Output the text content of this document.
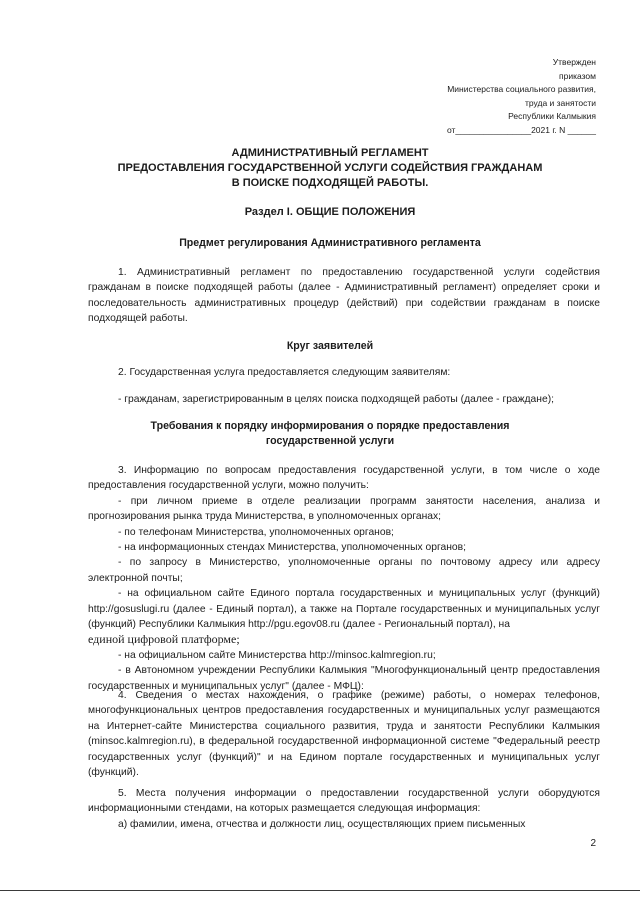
Утвержден
приказом
Министерства социального развития,
труда и занятости
Республики Калмыкия
от________________2021 г. N ______
АДМИНИСТРАТИВНЫЙ РЕГЛАМЕНТ
ПРЕДОСТАВЛЕНИЯ ГОСУДАРСТВЕННОЙ УСЛУГИ СОДЕЙСТВИЯ ГРАЖДАНАМ
В ПОИСКЕ ПОДХОДЯЩЕЙ РАБОТЫ.
Раздел I. ОБЩИЕ ПОЛОЖЕНИЯ
Предмет регулирования Административного регламента

1. Административный регламент по предоставлению государственной услуги содействия гражданам в поиске подходящей работы (далее - Административный регламент) определяет сроки и последовательность административных процедур (действий) при содействии гражданам в поиске подходящей работы.

Круг заявителей

2. Государственная услуга предоставляется следующим заявителям:

- гражданам, зарегистрированным в целях поиска подходящей работы (далее - граждане);

Требования к порядку информирования о порядке предоставления
государственной услуги

3. Информацию по вопросам предоставления государственной услуги, в том числе о ходе предоставления государственной услуги, можно получить:

- при личном приеме в отделе реализации программ занятости населения, анализа и прогнозирования рынка труда Министерства, в уполномоченных органах;

- по телефонам Министерства, уполномоченных органов;

- на информационных стендах Министерства, уполномоченных органов;

- по запросу в Министерство, уполномоченные органы по почтовому адресу или адресу электронной почты;

- на официальном сайте Единого портала государственных и муниципальных услуг (функций) http://gosuslugi.ru (далее - Единый портал), а также на Портале государственных и муниципальных услуг (функций) Республики Калмыкия http://pgu.egov08.ru (далее - Региональный портал), на

единой цифровой платформе;

- на официальном сайте Министерства http://minsoc.kalmregion.ru;

- в Автономном учреждении Республики Калмыкия "Многофункциональный центр предоставления государственных и муниципальных услуг" (далее - МФЦ):

4. Сведения о местах нахождения, о графике (режиме) работы, о номерах телефонов, многофункциональных центров предоставления государственных и муниципальных услуг размещаются на Интернет-сайте Министерства социального развития, труда и занятости Республики Калмыкия (minsoc.kalmregion.ru), в федеральной государственной информационной системе "Федеральный реестр государственных услуг (функций)" и на Едином портале государственных и муниципальных услуг (функций).

5. Места получения информации о предоставлении государственной услуги оборудуются информационными стендами, на которых размещается следующая информация:

а) фамилии, имена, отчества и должности лиц, осуществляющих прием письменных

2
